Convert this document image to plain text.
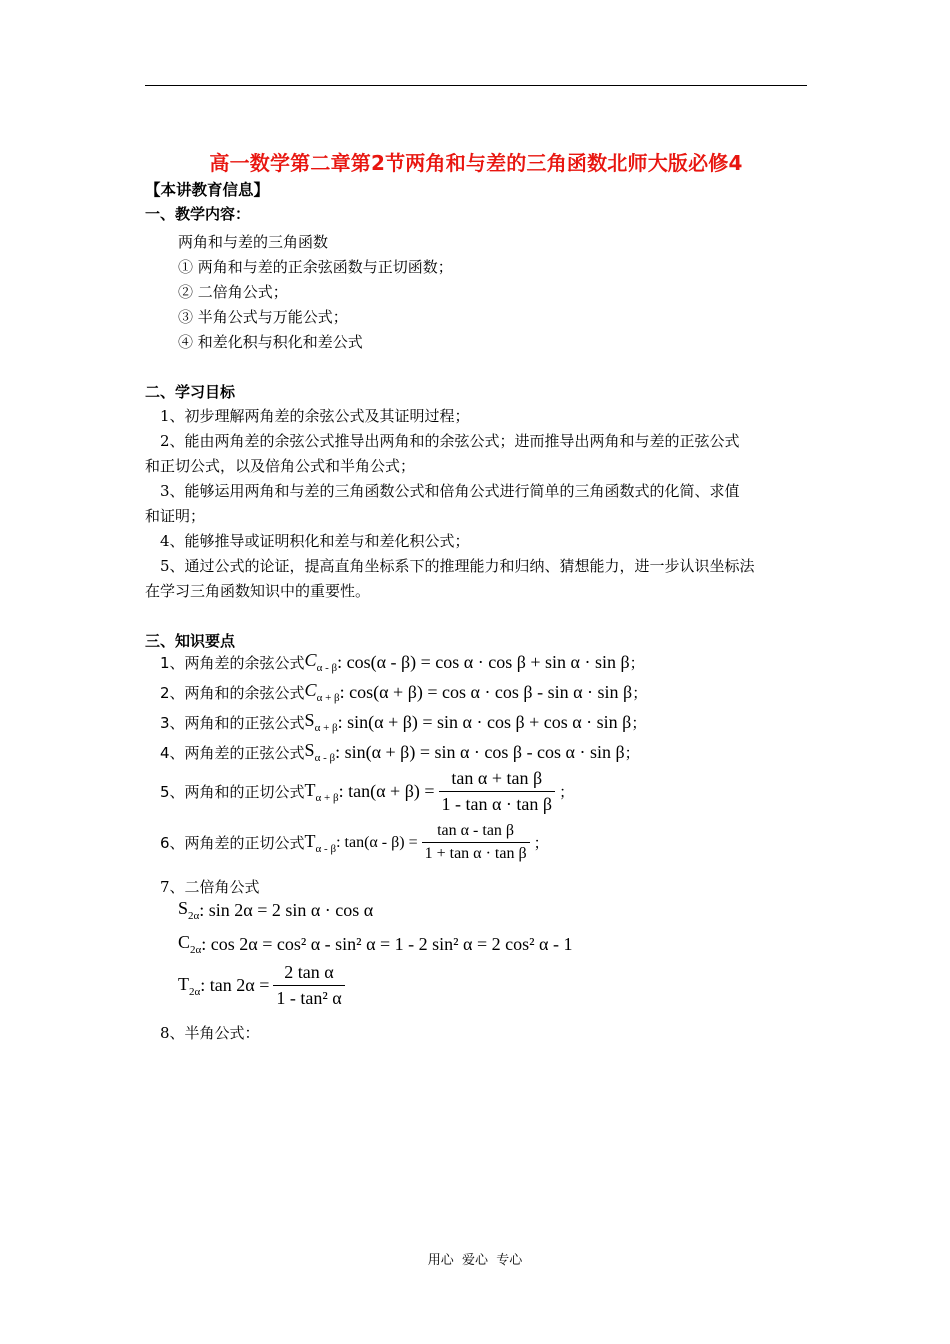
高一数学第二章第2节两角和与差的三角函数北师大版必修4
【本讲教育信息】
一、教学内容：
两角和与差的三角函数
① 两角和与差的正余弦函数与正切函数；
② 二倍角公式；
③ 半角公式与万能公式；
④ 和差化积与积化和差公式
二、学习目标
1、初步理解两角差的余弦公式及其证明过程；
2、能由两角差的余弦公式推导出两角和的余弦公式；进而推导出两角和与差的正弦公式
和正切公式，以及倍角公式和半角公式；
3、能够运用两角和与差的三角函数公式和倍角公式进行简单的三角函数式的化简、求值
和证明；
4、能够推导或证明积化和差与和差化积公式；
5、通过公式的论证，提高直角坐标系下的推理能力和归纳、猜想能力，进一步认识坐标法
在学习三角函数知识中的重要性。
三、知识要点
1、两角差的余弦公式 $C_{\alpha - \beta}$ : cos(α - β) = cos α · cos β + sin α · sin β ；
2、两角和的余弦公式 $C_{\alpha + \beta}$ : cos(α + β) = cos α · cos β - sin α · sin β ；
3、两角和的正弦公式 $S_{\alpha + \beta}$ : sin(α + β) = sin α · cos β + cos α · sin β ；
4、两角差的正弦公式 $S_{\alpha - \beta}$ : sin(α + β) = sin α · cos β - cos α · sin β ；
5、两角和的正切公式 $T_{\alpha + \beta}$ : $\tan(\alpha + \beta) = \frac{\text{tan α + tan β}}{\text{1 - tan α · tan β}}$ ；
6、两角差的正切公式 $T_{\alpha - \beta}$ : $\tan(\alpha - \beta) = \frac{\text{tan α - tan β}}{\text{1 + tan α · tan β}}$ ；
7、二倍角公式
$S_{2\alpha}$ : sin 2α = 2 sin α · cos α
$C_{2\alpha}$ : cos 2α = cos² α - sin² α = 1 - 2 sin² α = 2 cos² α - 1
$T_{2\alpha}$ : $\tan 2\alpha = \frac{\text{2 tan α}}{\text{1 - tan² α}}$
8、半角公式：
用心  爱心  专心
